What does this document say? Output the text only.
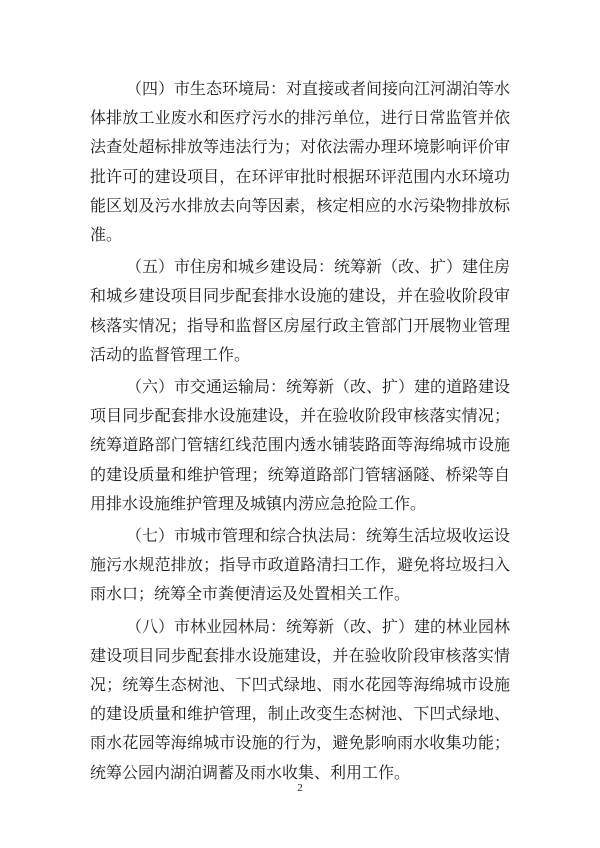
（四）市生态环境局：对直接或者间接向江河湖泊等水体排放工业废水和医疗污水的排污单位，进行日常监管并依法查处超标排放等违法行为；对依法需办理环境影响评价审批许可的建设项目，在环评审批时根据环评范围内水环境功能区划及污水排放去向等因素，核定相应的水污染物排放标准。

（五）市住房和城乡建设局：统筹新（改、扩）建住房和城乡建设项目同步配套排水设施的建设，并在验收阶段审核落实情况；指导和监督区房屋行政主管部门开展物业管理活动的监督管理工作。

（六）市交通运输局：统筹新（改、扩）建的道路建设项目同步配套排水设施建设，并在验收阶段审核落实情况；统筹道路部门管辖红线范围内透水铺装路面等海绵城市设施的建设质量和维护管理；统筹道路部门管辖涵隧、桥梁等自用排水设施维护管理及城镇内涝应急抢险工作。

（七）市城市管理和综合执法局：统筹生活垃圾收运设施污水规范排放；指导市政道路清扫工作，避免将垃圾扫入雨水口；统筹全市粪便清运及处置相关工作。

（八）市林业园林局：统筹新（改、扩）建的林业园林建设项目同步配套排水设施建设，并在验收阶段审核落实情况；统筹生态树池、下凹式绿地、雨水花园等海绵城市设施的建设质量和维护管理，制止改变生态树池、下凹式绿地、雨水花园等海绵城市设施的行为，避免影响雨水收集功能；统筹公园内湖泊调蓄及雨水收集、利用工作。

2
